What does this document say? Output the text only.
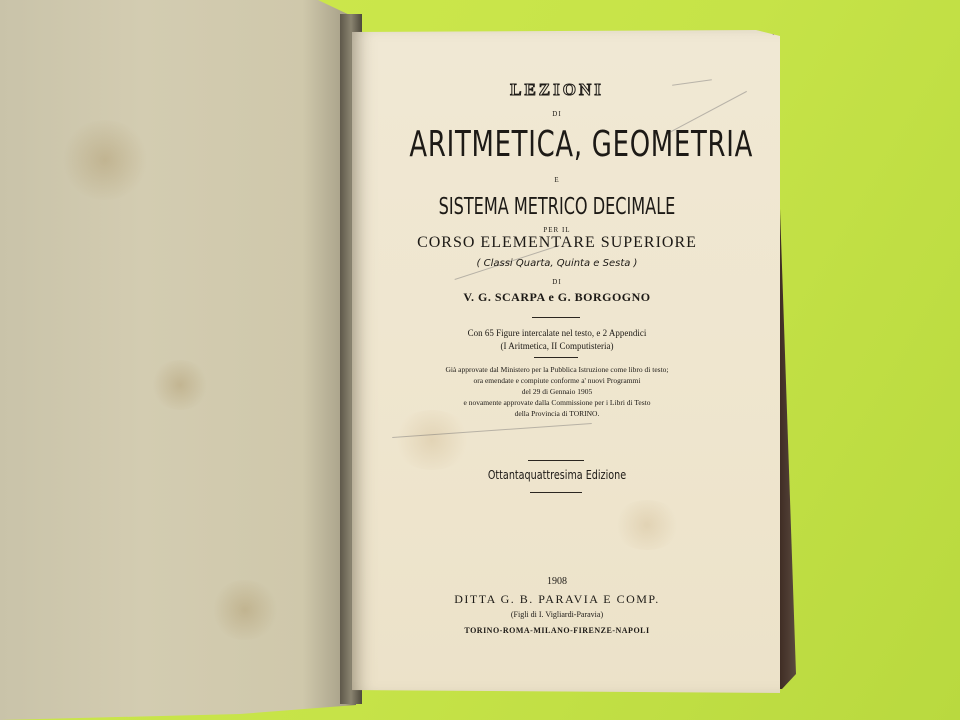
LEZIONI
DI
ARITMETICA, GEOMETRIA
E
SISTEMA METRICO DECIMALE
PER IL
CORSO ELEMENTARE SUPERIORE
( Classi Quarta, Quinta e Sesta )
DI
V. G. SCARPA e G. BORGOGNO
Con 65 Figure intercalate nel testo, e 2 Appendici
(I Aritmetica, II Computisteria)
Già approvate dal Ministero per la Pubblica Istruzione come libro di testo;
ora emendate e compiute conforme a' nuovi Programmi
del 29 di Gennaio 1905
e novamente approvate dalla Commissione per i Libri di Testo
della Provincia di TORINO.
Ottantaquattresima Edizione
1908
DITTA G. B. PARAVIA E COMP.
(Figli di I. Vigliardi-Paravia)
TORINO-ROMA-MILANO-FIRENZE-NAPOLI
